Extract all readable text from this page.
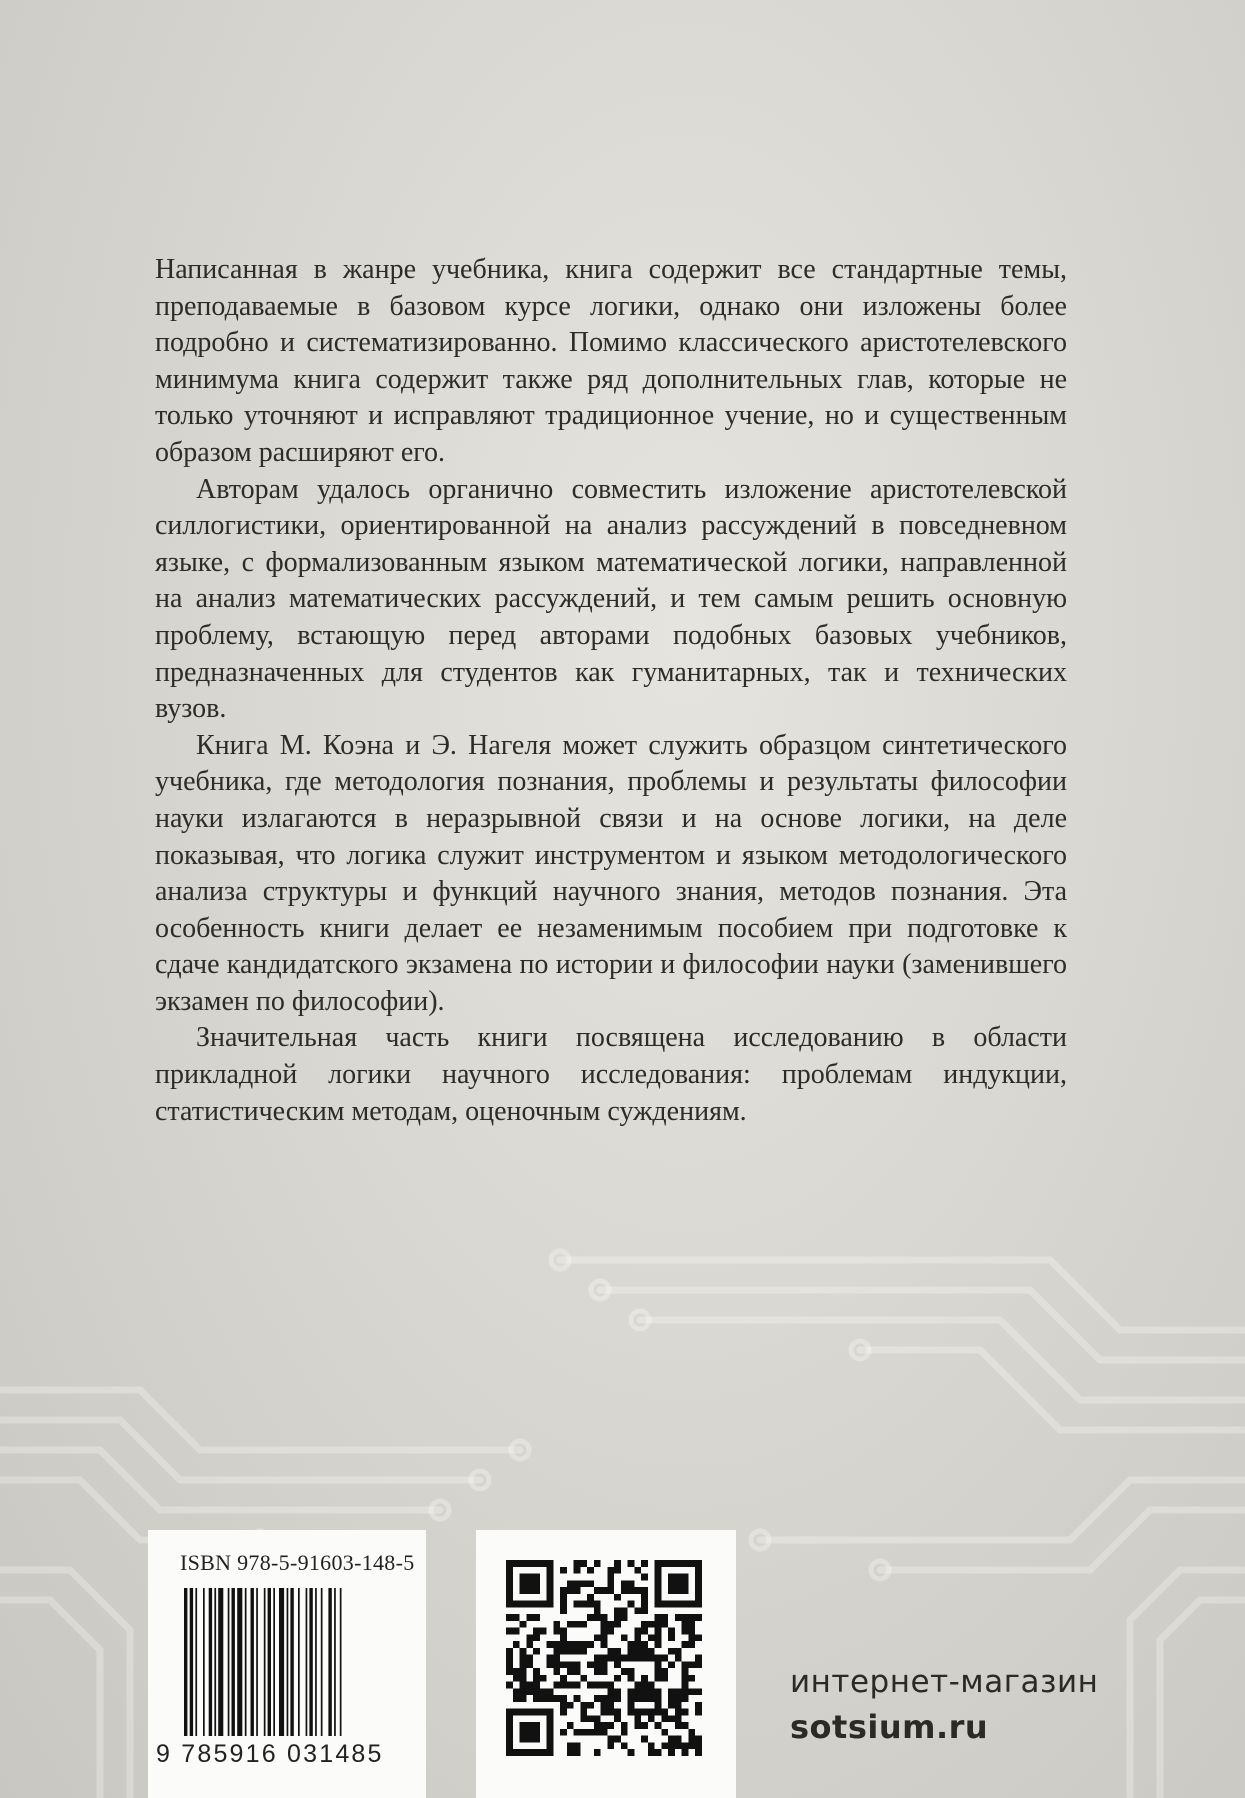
Написанная в жанре учебника, книга содержит все стандартные темы, преподаваемые в базовом курсе логики, однако они изложены более подробно и систематизированно. Помимо классического аристотелевского минимума книга содержит также ряд дополнительных глав, которые не только уточняют и исправляют традиционное учение, но и существенным образом расширяют его.

Авторам удалось органично совместить изложение аристотелевской силлогистики, ориентированной на анализ рассуждений в повседневном языке, с формализованным языком математической логики, направленной на анализ математических рассуждений, и тем самым решить основную проблему, встающую перед авторами подобных базовых учебников, предназначенных для студентов как гуманитарных, так и технических вузов.

Книга М. Коэна и Э. Нагеля может служить образцом синтетического учебника, где методология познания, проблемы и результаты философии науки излагаются в неразрывной связи и на основе логики, на деле показывая, что логика служит инструментом и языком методологического анализа структуры и функций научного знания, методов познания. Эта особенность книги делает ее незаменимым пособием при подготовке к сдаче кандидатского экзамена по истории и философии науки (заменившего экзамен по философии).

Значительная часть книги посвящена исследованию в области прикладной логики научного исследования: проблемам индукции, статистическим методам, оценочным суждениям.

ISBN 978-5-91603-148-5
9 785916 031485
интернет-магазин
sotsium.ru
